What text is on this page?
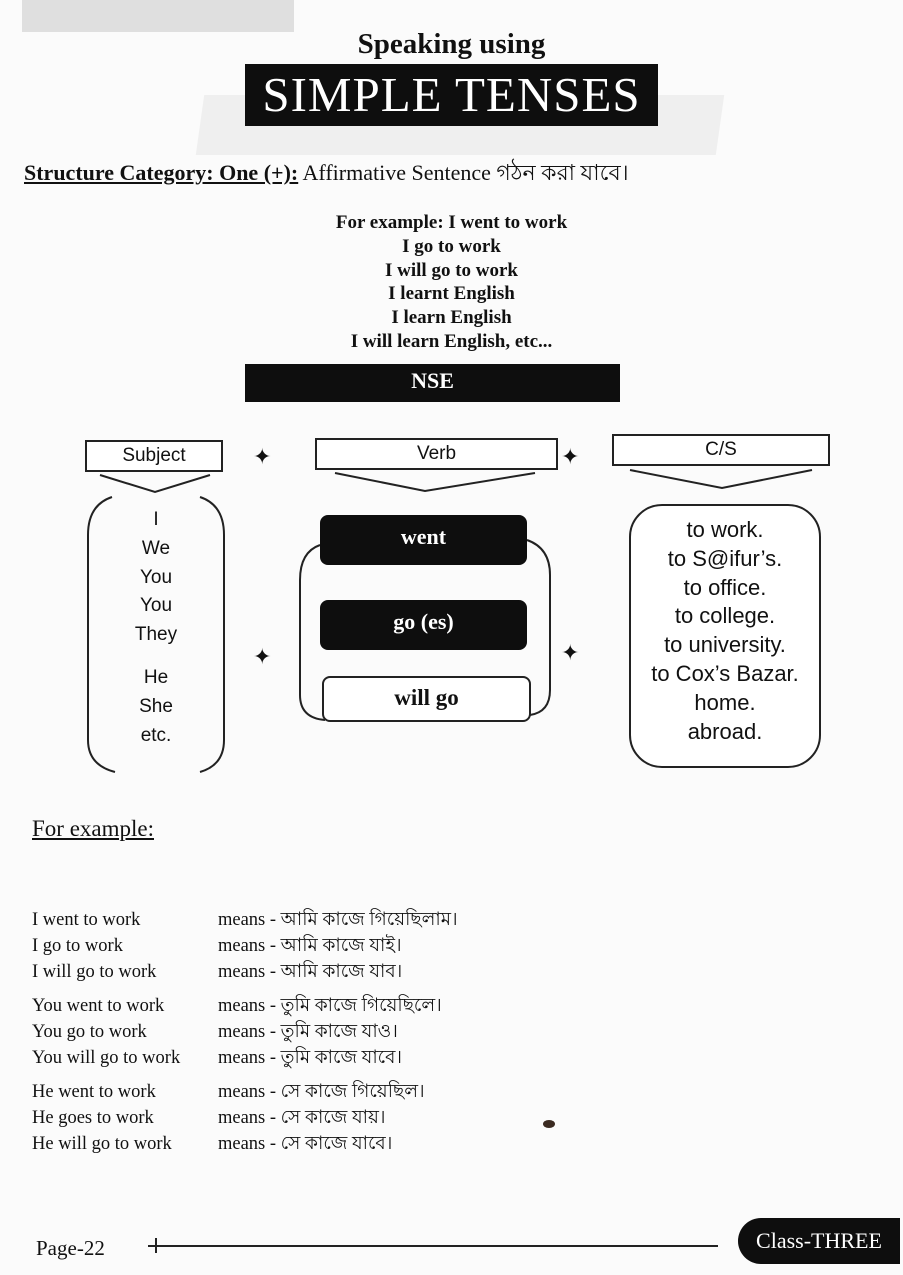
Speaking using
SIMPLE TENSES
Structure Category: One (+): Affirmative Sentence গঠন করা যাবে।
For example: I went to work
I go to work
I will go to work
I learnt English
I learn English
I will learn English, etc...
NSE
Subject	Verb	C/S
✦	✦
✦	✦
I
We
You
You
They
He
She
etc.
went
go (es)
will go
to work.
to S@ifur’s.
to office.
to college.
to university.
to Cox’s Bazar.
home.
abroad.
For example:
I went to work	means - আমি কাজে গিয়েছিলাম।
I go to work	means - আমি কাজে যাই।
I will go to work	means - আমি কাজে যাব।
You went to work	means - তুমি কাজে গিয়েছিলে।
You go to work	means - তুমি কাজে যাও।
You will go to work means - তুমি কাজে যাবে।
He went to work	means - সে কাজে গিয়েছিল।
He goes to work	means - সে কাজে যায়।
He will go to work means - সে কাজে যাবে।
Page-22	Class-THREE
